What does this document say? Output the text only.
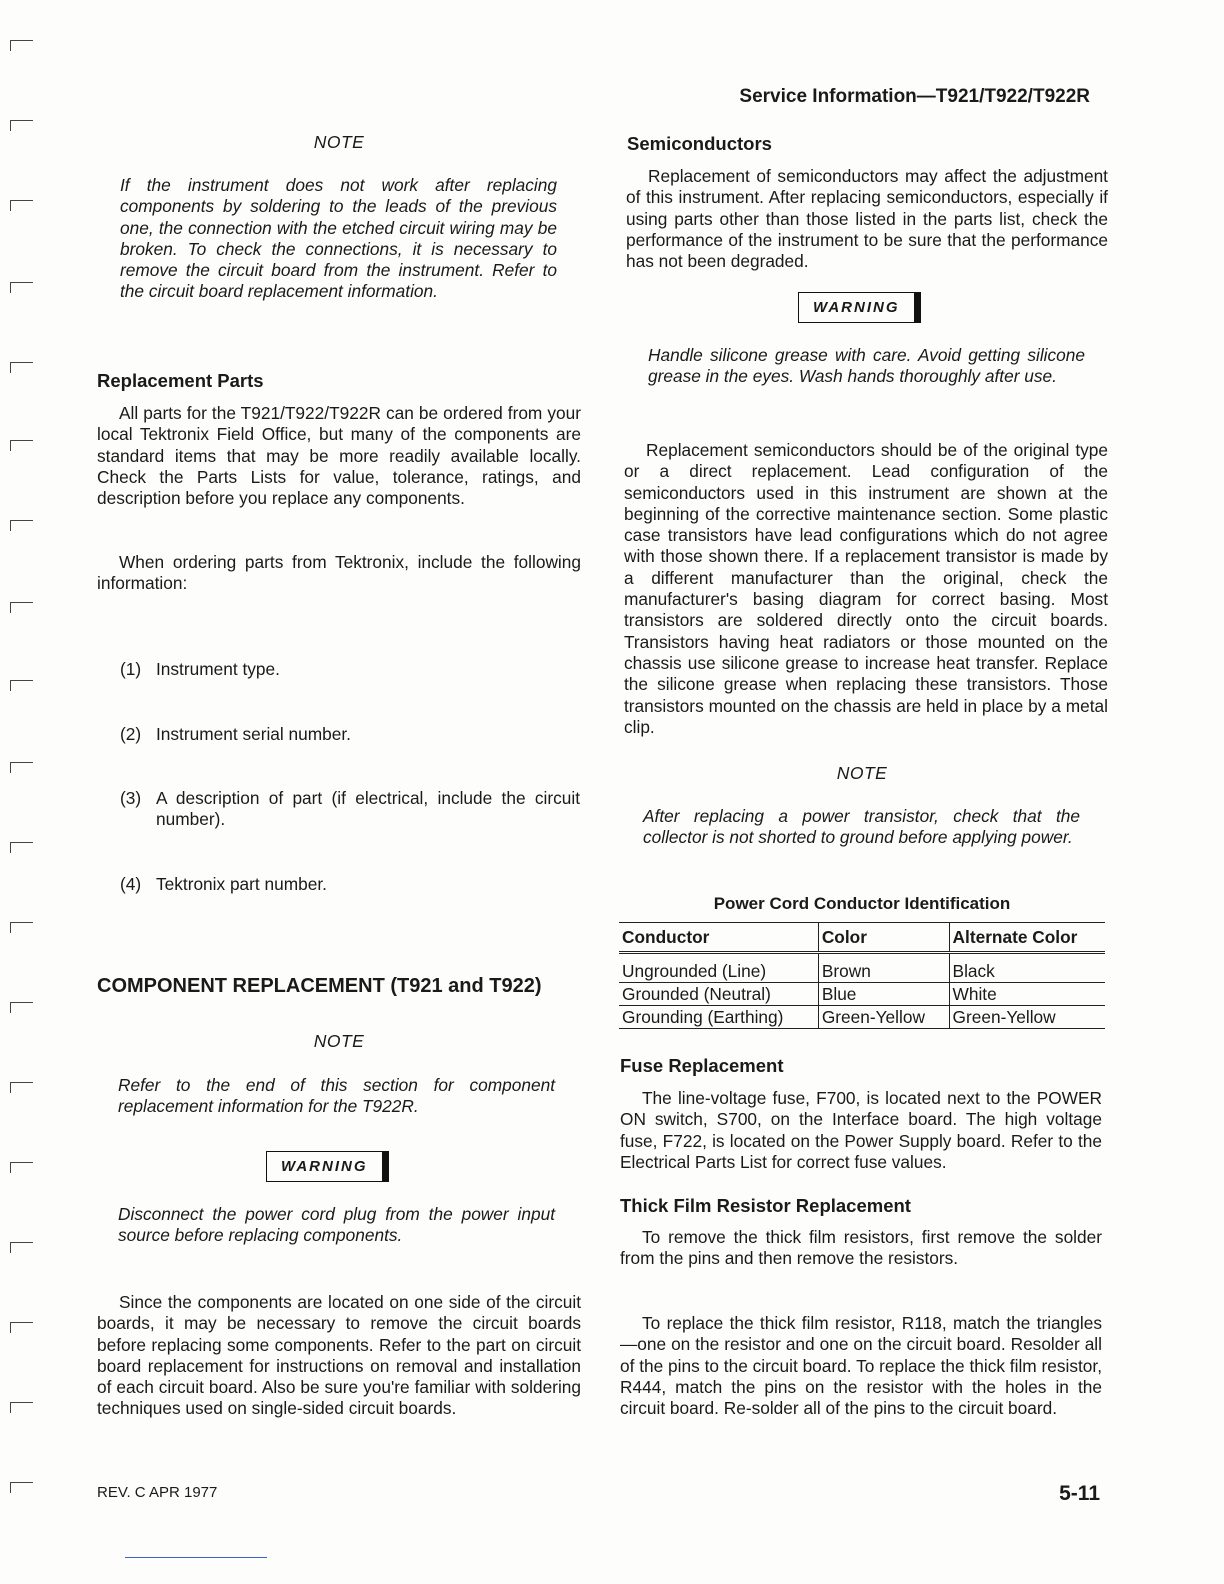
Service Information—T921/T922/T922R
NOTE

If the instrument does not work after replacing components by soldering to the leads of the previous one, the connection with the etched circuit wiring may be broken. To check the connections, it is necessary to remove the circuit board from the instrument. Refer to the circuit board replacement information.

Replacement Parts

All parts for the T921/T922/T922R can be ordered from your local Tektronix Field Office, but many of the components are standard items that may be more readily available locally. Check the Parts Lists for value, tolerance, ratings, and description before you replace any components.

When ordering parts from Tektronix, include the following information:

(1) Instrument type.
(2) Instrument serial number.
(3) A description of part (if electrical, include the circuit number).
(4) Tektronix part number.
COMPONENT REPLACEMENT (T921 and T922)
NOTE

Refer to the end of this section for component replacement information for the T922R.

WARNING

Disconnect the power cord plug from the power input source before replacing components.

Since the components are located on one side of the circuit boards, it may be necessary to remove the circuit boards before replacing some components. Refer to the part on circuit board replacement for instructions on removal and installation of each circuit board. Also be sure you're familiar with soldering techniques used on single-sided circuit boards.

Semiconductors

Replacement of semiconductors may affect the adjustment of this instrument. After replacing semiconductors, especially if using parts other than those listed in the parts list, check the performance of the instrument to be sure that the performance has not been degraded.

WARNING

Handle silicone grease with care. Avoid getting silicone grease in the eyes. Wash hands thoroughly after use.

Replacement semiconductors should be of the original type or a direct replacement. Lead configuration of the semiconductors used in this instrument are shown at the beginning of the corrective maintenance section. Some plastic case transistors have lead configurations which do not agree with those shown there. If a replacement transistor is made by a different manufacturer than the original, check the manufacturer's basing diagram for correct basing. Most transistors are soldered directly onto the circuit boards. Transistors having heat radiators or those mounted on the chassis use silicone grease to increase heat transfer. Replace the silicone grease when replacing these transistors. Those transistors mounted on the chassis are held in place by a metal clip.

NOTE

After replacing a power transistor, check that the collector is not shorted to ground before applying power.

Power Cord Conductor Identification
Conductor	Color	Alternate Color
Ungrounded (Line)	Brown	Black
Grounded (Neutral)	Blue	White
Grounding (Earthing)	Green-Yellow	Green-Yellow
Fuse Replacement

The line-voltage fuse, F700, is located next to the POWER ON switch, S700, on the Interface board. The high voltage fuse, F722, is located on the Power Supply board. Refer to the Electrical Parts List for correct fuse values.

Thick Film Resistor Replacement

To remove the thick film resistors, first remove the solder from the pins and then remove the resistors.

To replace the thick film resistor, R118, match the triangles—one on the resistor and one on the circuit board. Resolder all of the pins to the circuit board. To replace the thick film resistor, R444, match the pins on the resistor with the holes in the circuit board. Re-solder all of the pins to the circuit board.

REV. C APR 1977	5-11
